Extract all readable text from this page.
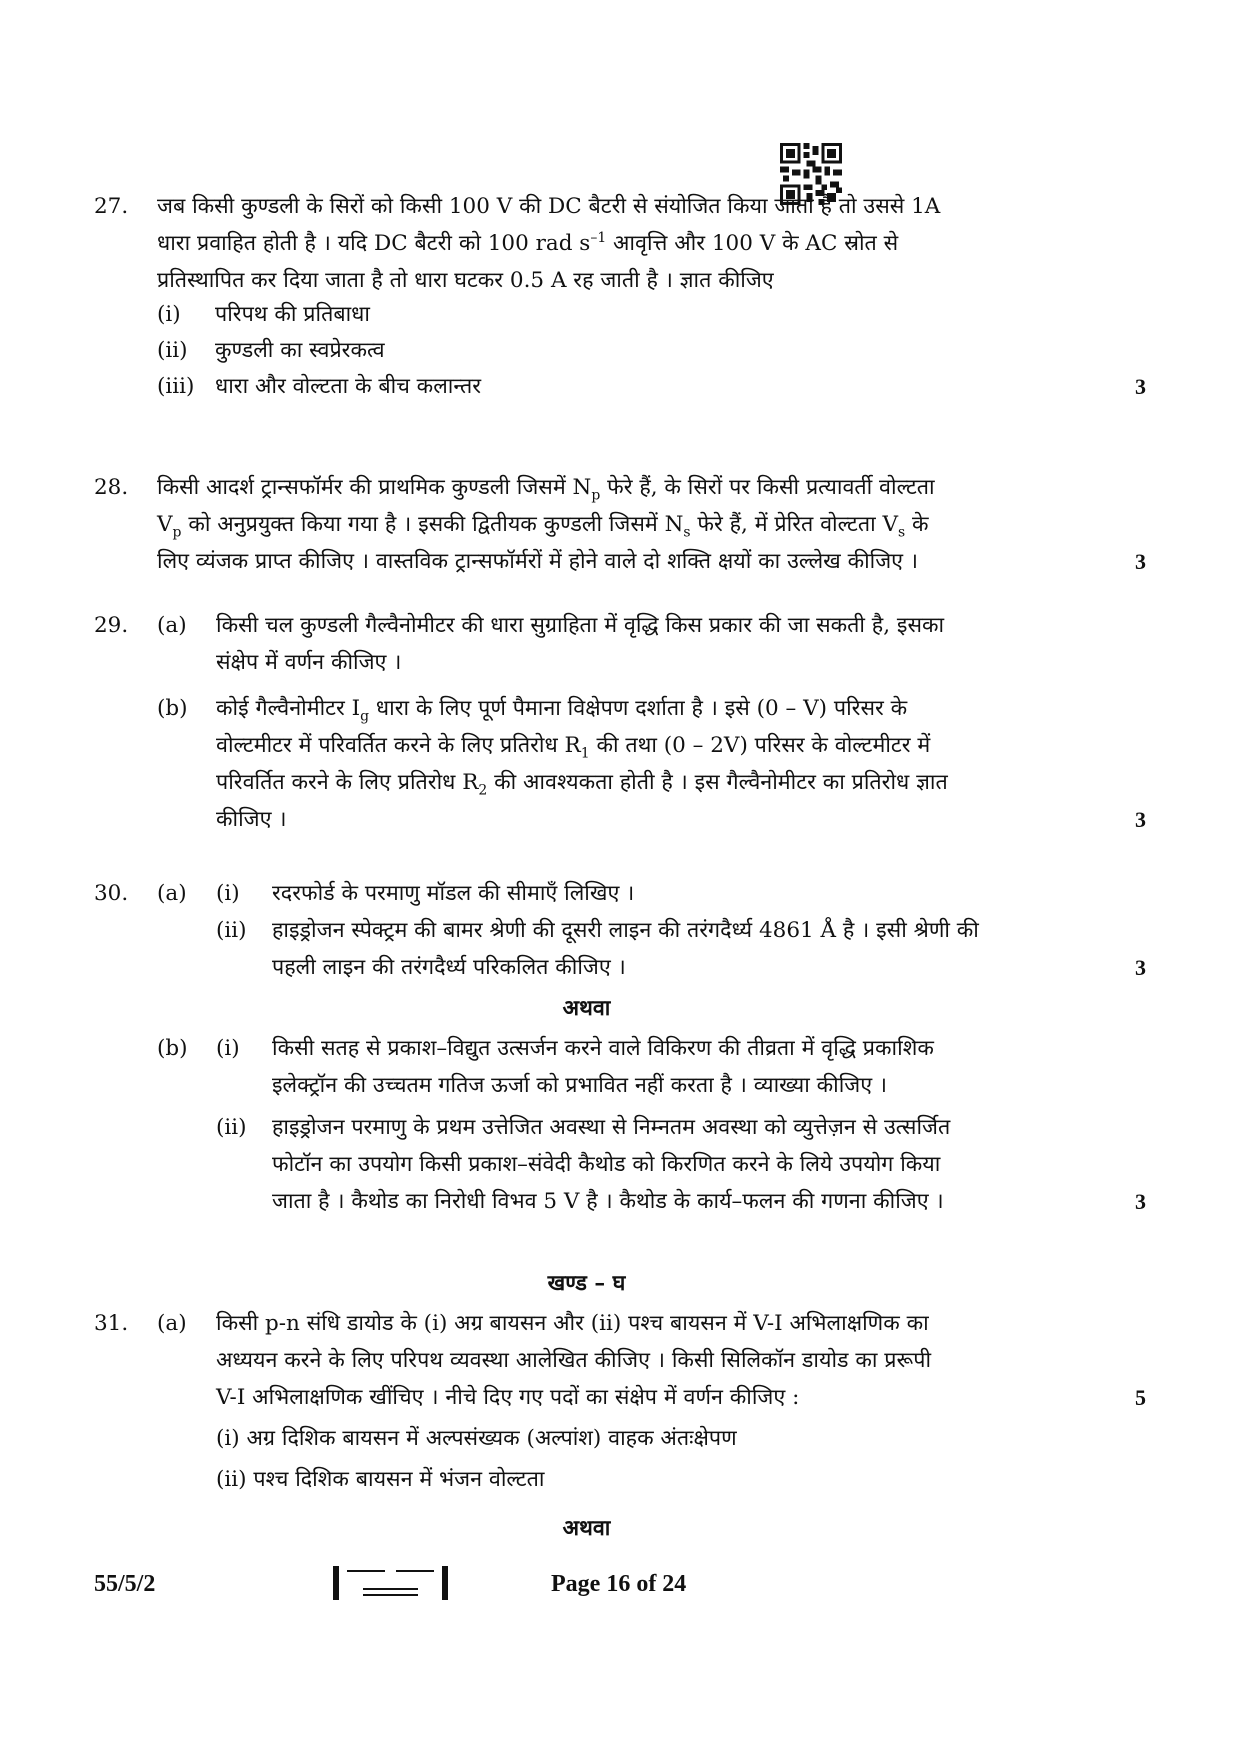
27. जब किसी कुण्डली के सिरों को किसी 100 V की DC बैटरी से संयोजित किया जाता है तो उससे 1A

धारा प्रवाहित होती है । यदि DC बैटरी को 100 rad $s^{-1}$ आवृत्ति और 100 V के AC स्रोत से

प्रतिस्थापित कर दिया जाता है तो धारा घटकर 0.5 A रह जाती है । ज्ञात कीजिए

(i) परिपथ की प्रतिबाधा
(ii) कुण्डली का स्वप्रेरकत्व
(iii) धारा और वोल्टता के बीच कलान्तर	3
28. किसी आदर्श ट्रान्सफॉर्मर की प्राथमिक कुण्डली जिसमें $N_p$ फेरे हैं, के सिरों पर किसी प्रत्यावर्ती वोल्टता

$V_p$ को अनुप्रयुक्त किया गया है । इसकी द्वितीयक कुण्डली जिसमें $N_s$ फेरे हैं, में प्रेरित वोल्टता $V_s$ के

लिए व्यंजक प्राप्त कीजिए । वास्तविक ट्रान्सफॉर्मरों में होने वाले दो शक्ति क्षयों का उल्लेख कीजिए ।	3
29. (a) किसी चल कुण्डली गैल्वैनोमीटर की धारा सुग्राहिता में वृद्धि किस प्रकार की जा सकती है, इसका

संक्षेप में वर्णन कीजिए ।

(b) कोई गैल्वैनोमीटर $I_g$ धारा के लिए पूर्ण पैमाना विक्षेपण दर्शाता है । इसे (0 – V) परिसर के

वोल्टमीटर में परिवर्तित करने के लिए प्रतिरोध $R_1$ की तथा (0 – 2V) परिसर के वोल्टमीटर में

परिवर्तित करने के लिए प्रतिरोध $R_2$ की आवश्यकता होती है । इस गैल्वैनोमीटर का प्रतिरोध ज्ञात

कीजिए ।	3
30. (a) (i) रदरफोर्ड के परमाणु मॉडल की सीमाएँ लिखिए ।

(ii) हाइड्रोजन स्पेक्ट्रम की बामर श्रेणी की दूसरी लाइन की तरंगदैर्ध्य 4861 Å है । इसी श्रेणी की

पहली लाइन की तरंगदैर्ध्य परिकलित कीजिए ।	3
अथवा
(b) (i) किसी सतह से प्रकाश–विद्युत उत्सर्जन करने वाले विकिरण की तीव्रता में वृद्धि प्रकाशिक

इलेक्ट्रॉन की उच्चतम गतिज ऊर्जा को प्रभावित नहीं करता है । व्याख्या कीजिए ।

(ii) हाइड्रोजन परमाणु के प्रथम उत्तेजित अवस्था से निम्नतम अवस्था को व्युत्तेज़न से उत्सर्जित

फोटॉन का उपयोग किसी प्रकाश–संवेदी कैथोड को किरणित करने के लिये उपयोग किया

जाता है । कैथोड का निरोधी विभव 5 V है । कैथोड के कार्य–फलन की गणना कीजिए ।	3
खण्ड – घ
31. (a) किसी p-n संधि डायोड के (i) अग्र बायसन और (ii) पश्च बायसन में V-I अभिलाक्षणिक का

अध्ययन करने के लिए परिपथ व्यवस्था आलेखित कीजिए । किसी सिलिकॉन डायोड का प्ररूपी

V-I अभिलाक्षणिक खींचिए । नीचे दिए गए पदों का संक्षेप में वर्णन कीजिए :

(i) अग्र दिशिक बायसन में अल्पसंख्यक (अल्पांश) वाहक अंतःक्षेपण

(ii) पश्च दिशिक बायसन में भंजन वोल्टता

5
अथवा
55/5/2	Page 16 of 24
